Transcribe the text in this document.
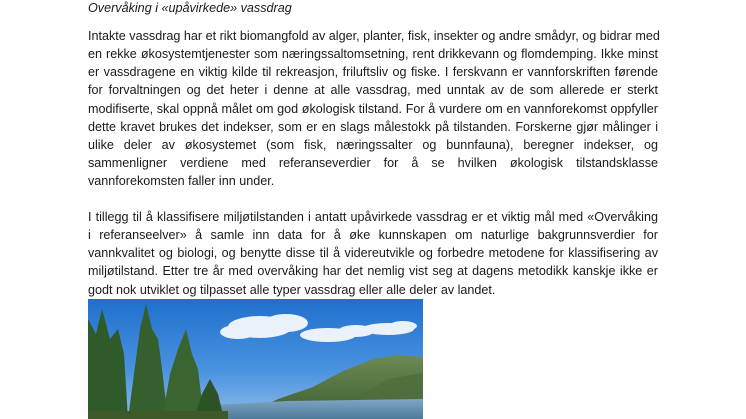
Overvåking i «upåvirkede» vassdrag
Intakte vassdrag har et rikt biomangfold av alger, planter, fisk, insekter og andre smådyr, og bidrar med
en rekke økosystemtjenester som næringssaltomsetning, rent drikkevann og flomdemping. Ikke minst
er vassdragene en viktig kilde til rekreasjon, friluftsliv og fiske. I ferskvann er vannforskriften førende
for forvaltningen og det heter i denne at alle vassdrag, med unntak av de som allerede er sterkt
modifiserte, skal oppnå målet om god økologisk tilstand. For å vurdere om en vannforekomst oppfyller
dette kravet brukes det indekser, som er en slags målestokk på tilstanden. Forskerne gjør målinger i
ulike deler av økosystemet (som fisk, næringssalter og bunnfauna), beregner indekser, og
sammenligner verdiene med referanseverdier for å se hvilken økologisk tilstandsklasse
vannforekomsten faller inn under.
I tillegg til å klassifisere miljøtilstanden i antatt upåvirkede vassdrag er et viktig mål med «Overvåking
i referanseelver» å samle inn data for å øke kunnskapen om naturlige bakgrunnsverdier for
vannkvalitet og biologi, og benytte disse til å videreutvikle og forbedre metodene for klassifisering av
miljøtilstand. Etter tre år med overvåking har det nemlig vist seg at dagens metodikk kanskje ikke er
godt nok utviklet og tilpasset alle typer vassdrag eller alle deler av landet.
